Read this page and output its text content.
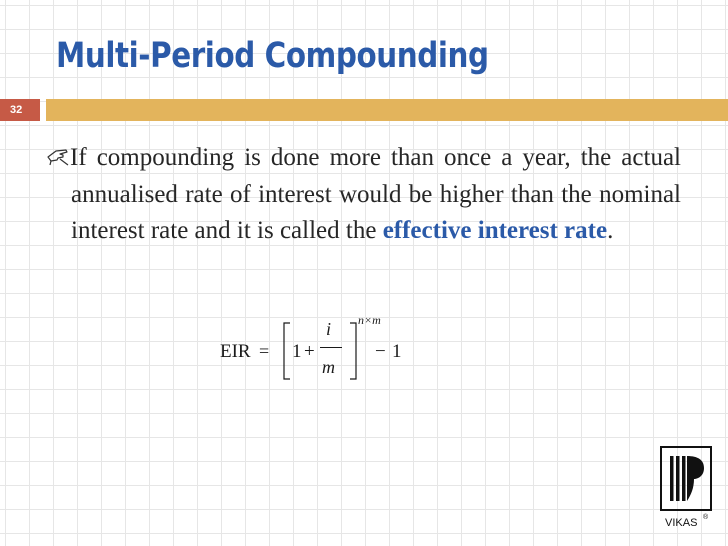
Multi-Period Compounding
32

If compounding is done more than once a year, the actual annualised rate of interest would be higher than the nominal interest rate and it is called the effective interest rate.

EIR = 1 +
i
m
n×m
− 1
VIKAS ®
